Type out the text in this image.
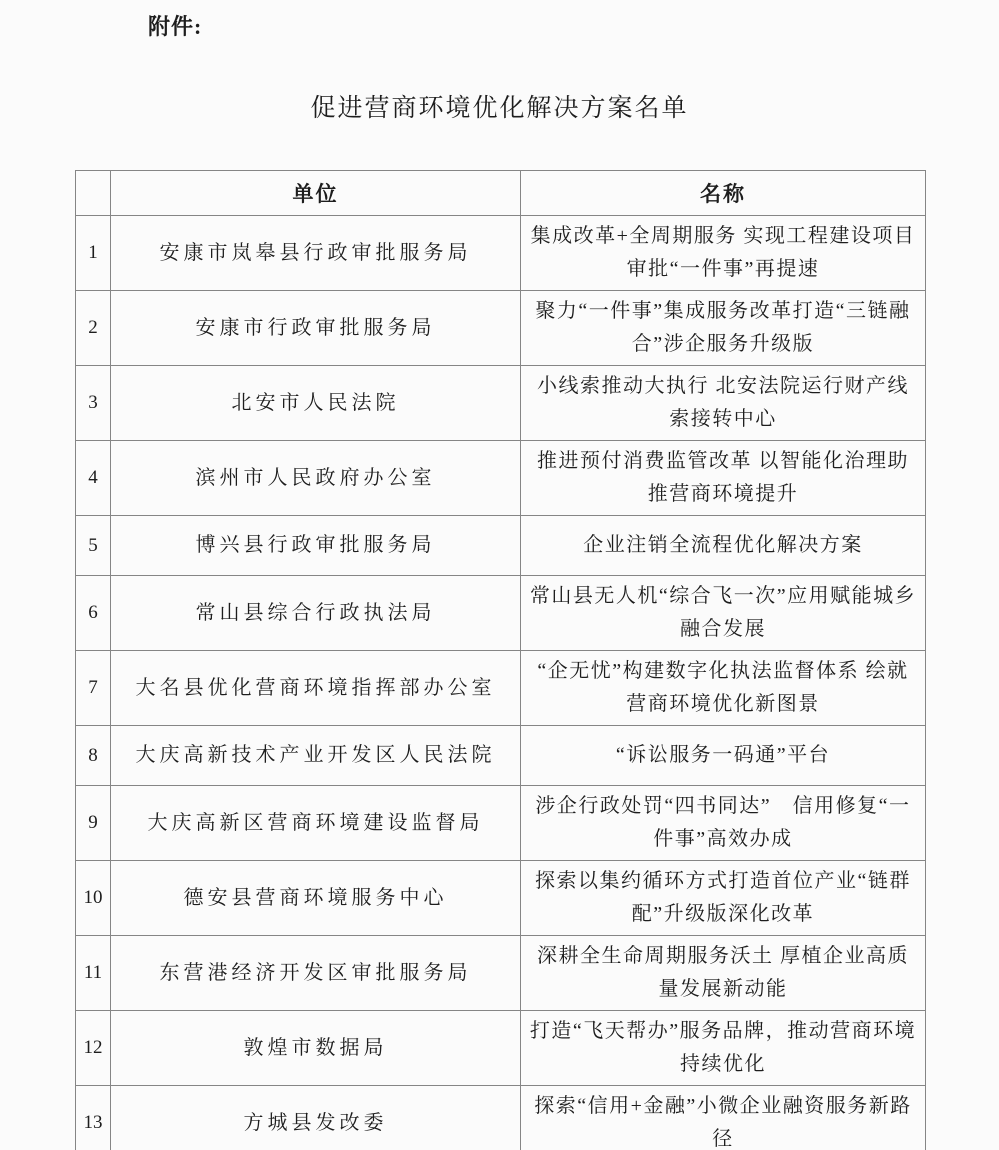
附件:
促进营商环境优化解决方案名单
	单位	名称
1	安康市岚皋县行政审批服务局	集成改革+全周期服务 实现工程建设项目审批“一件事”再提速
2	安康市行政审批服务局	聚力“一件事”集成服务改革打造“三链融合”涉企服务升级版
3	北安市人民法院	小线索推动大执行 北安法院运行财产线索接转中心
4	滨州市人民政府办公室	推进预付消费监管改革 以智能化治理助推营商环境提升
5	博兴县行政审批服务局	企业注销全流程优化解决方案
6	常山县综合行政执法局	常山县无人机“综合飞一次”应用赋能城乡融合发展
7	大名县优化营商环境指挥部办公室	“企无忧”构建数字化执法监督体系 绘就营商环境优化新图景
8	大庆高新技术产业开发区人民法院	“诉讼服务一码通”平台
9	大庆高新区营商环境建设监督局	涉企行政处罚“四书同达”　信用修复“一件事”高效办成
10	德安县营商环境服务中心	探索以集约循环方式打造首位产业“链群配”升级版深化改革
11	东营港经济开发区审批服务局	深耕全生命周期服务沃土 厚植企业高质量发展新动能
12	敦煌市数据局	打造“飞天帮办”服务品牌，推动营商环境持续优化
13	方城县发改委	探索“信用+金融”小微企业融资服务新路径
